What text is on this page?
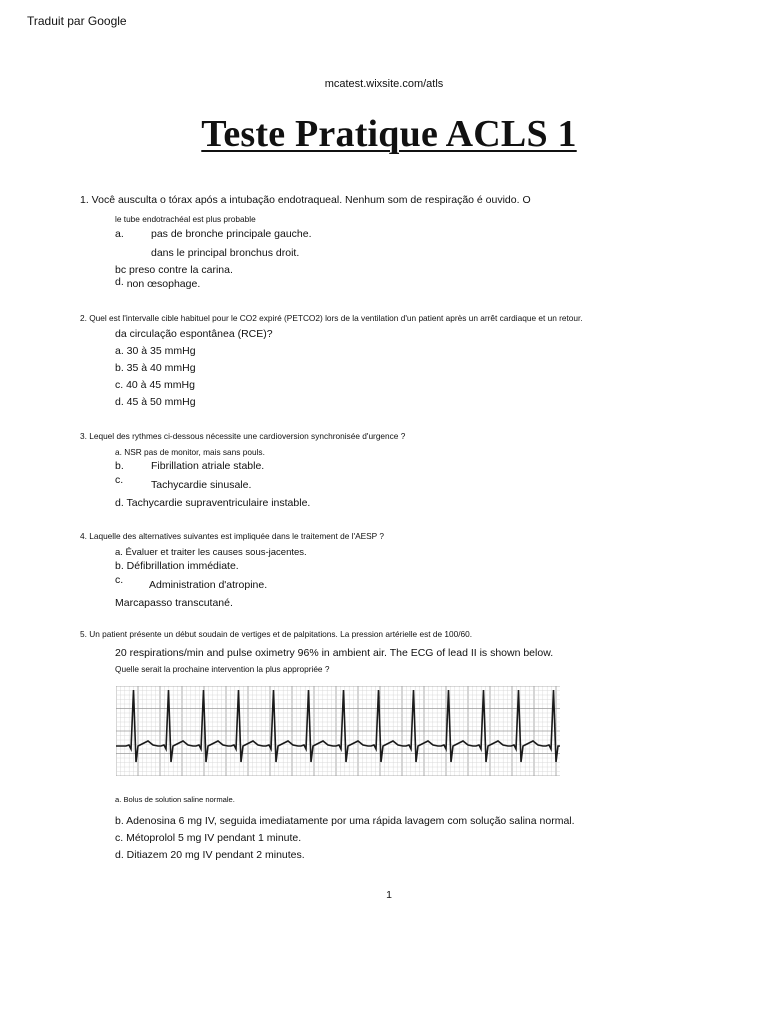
Traduit par Google
mcatest.wixsite.com/atls
Teste Pratique ACLS 1
1. Você ausculta o tórax após a intubação endotraqueal. Nenhum som de respiração é ouvido. O
le tube endotrachéal est plus probable
a.	pas de bronche principale gauche.
dans le principal bronchus droit.
bc preso contre la carina.
d. non œsophage.
2. Quel est l'intervalle cible habituel pour le CO2 expiré (PETCO2) lors de la ventilation d'un patient après un arrêt cardiaque et un retour.
da circulação espontânea (RCE)?
a. 30 à 35 mmHg
b. 35 à 40 mmHg
c. 40 à 45 mmHg
d. 45 à 50 mmHg
3. Lequel des rythmes ci-dessous nécessite une cardioversion synchronisée d'urgence ?
a. NSR pas de monitor, mais sans pouls.
b.	Fibrillation atriale stable.
c.	Tachycardie sinusale.
d. Tachycardie supraventriculaire instable.
4. Laquelle des alternatives suivantes est impliquée dans le traitement de l'AESP ?
a. Évaluer et traiter les causes sous-jacentes.
b. Défibrillation immédiate.
c. Administration d'atropine.
Marcapasso transcutané.
5. Un patient présente un début soudain de vertiges et de palpitations. La pression artérielle est de 100/60.
20 respirations/min and pulse oximetry 96% in ambient air. The ECG of lead II is shown below.
Quelle serait la prochaine intervention la plus appropriée ?
a. Bolus de solution saline normale.
b. Adenosina 6 mg IV, seguida imediatamente por uma rápida lavagem com solução salina normal.
c. Métoprolol 5 mg IV pendant 1 minute.
d. Ditiazem 20 mg IV pendant 2 minutes.
1
